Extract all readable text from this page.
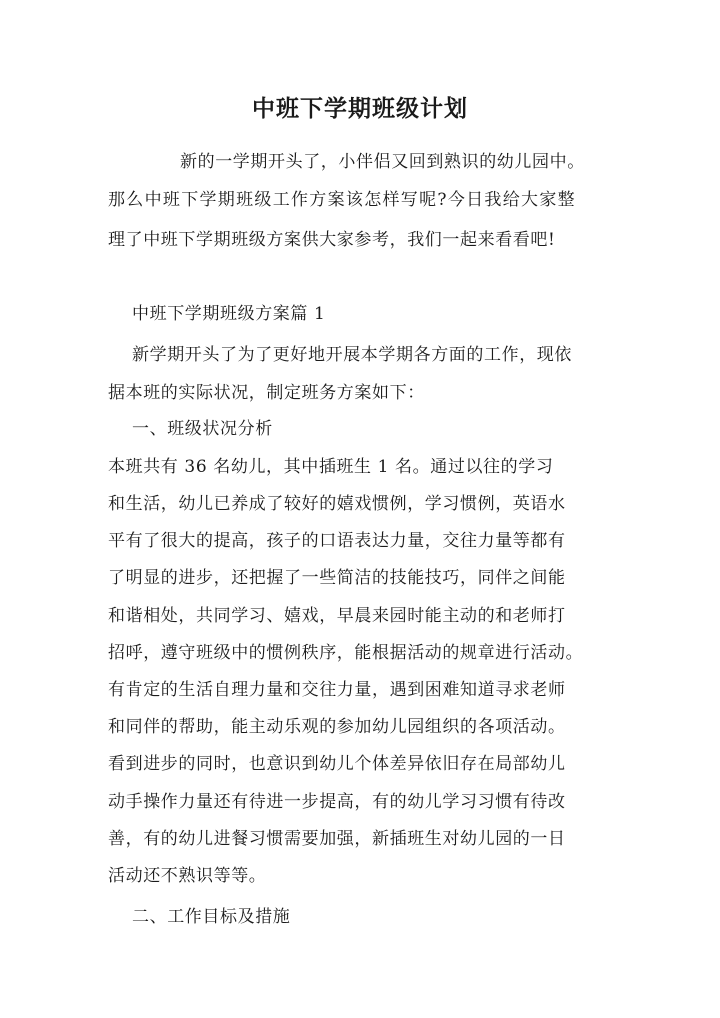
中班下学期班级计划

新的一学期开头了，小伴侣又回到熟识的幼儿园中。

那么中班下学期班级工作方案该怎样写呢?今日我给大家整

理了中班下学期班级方案供大家参考，我们一起来看看吧!

中班下学期班级方案篇 1

新学期开头了为了更好地开展本学期各方面的工作，现依

据本班的实际状况，制定班务方案如下：

一、班级状况分析

本班共有 36 名幼儿，其中插班生 1 名。通过以往的学习

和生活，幼儿已养成了较好的嬉戏惯例，学习惯例，英语水

平有了很大的提高，孩子的口语表达力量，交往力量等都有

了明显的进步，还把握了一些简洁的技能技巧，同伴之间能

和谐相处，共同学习、嬉戏，早晨来园时能主动的和老师打

招呼，遵守班级中的惯例秩序，能根据活动的规章进行活动。

有肯定的生活自理力量和交往力量，遇到困难知道寻求老师

和同伴的帮助，能主动乐观的参加幼儿园组织的各项活动。

看到进步的同时，也意识到幼儿个体差异依旧存在局部幼儿

动手操作力量还有待进一步提高，有的幼儿学习习惯有待改

善，有的幼儿进餐习惯需要加强，新插班生对幼儿园的一日

活动还不熟识等等。

二、工作目标及措施
